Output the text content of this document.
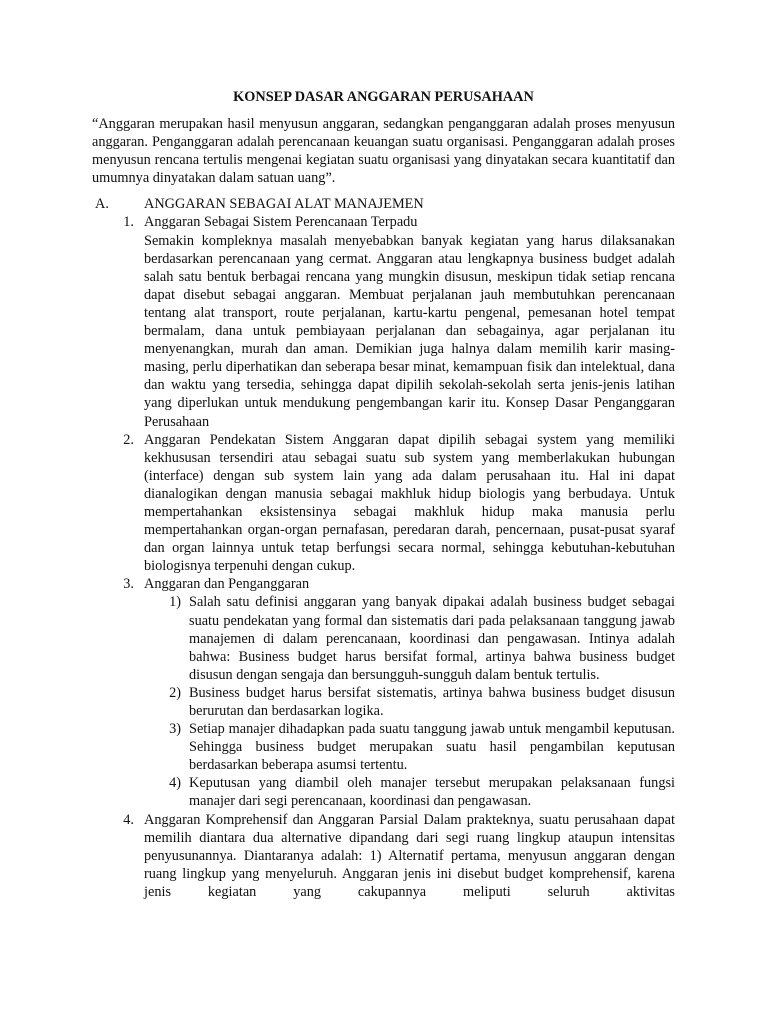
KONSEP DASAR ANGGARAN PERUSAHAAN
“Anggaran merupakan hasil menyusun anggaran, sedangkan penganggaran adalah proses menyusun anggaran. Penganggaran adalah perencanaan keuangan suatu organisasi. Penganggaran adalah proses menyusun rencana tertulis mengenai kegiatan suatu organisasi yang dinyatakan secara kuantitatif dan umumnya dinyatakan dalam satuan uang”.
A.	ANGGARAN SEBAGAI ALAT MANAJEMEN
1. Anggaran Sebagai Sistem Perencanaan Terpadu
Semakin kompleknya masalah menyebabkan banyak kegiatan yang harus dilaksanakan berdasarkan perencanaan yang cermat. Anggaran atau lengkapnya business budget adalah salah satu bentuk berbagai rencana yang mungkin disusun, meskipun tidak setiap rencana dapat disebut sebagai anggaran. Membuat perjalanan jauh membutuhkan perencanaan tentang alat transport, route perjalanan, kartu-kartu pengenal, pemesanan hotel tempat bermalam, dana untuk pembiayaan perjalanan dan sebagainya, agar perjalanan itu menyenangkan, murah dan aman. Demikian juga halnya dalam memilih karir masing-masing, perlu diperhatikan dan seberapa besar minat, kemampuan fisik dan intelektual, dana dan waktu yang tersedia, sehingga dapat dipilih sekolah-sekolah serta jenis-jenis latihan yang diperlukan untuk mendukung pengembangan karir itu. Konsep Dasar Penganggaran Perusahaan
2. Anggaran Pendekatan Sistem Anggaran dapat dipilih sebagai system yang memiliki kekhususan tersendiri atau sebagai suatu sub system yang memberlakukan hubungan (interface) dengan sub system lain yang ada dalam perusahaan itu. Hal ini dapat dianalogikan dengan manusia sebagai makhluk hidup biologis yang berbudaya. Untuk mempertahankan eksistensinya sebagai makhluk hidup maka manusia perlu mempertahankan organ-organ pernafasan, peredaran darah, pencernaan, pusat-pusat syaraf dan organ lainnya untuk tetap berfungsi secara normal, sehingga kebutuhan-kebutuhan biologisnya terpenuhi dengan cukup.
3. Anggaran dan Penganggaran
1) Salah satu definisi anggaran yang banyak dipakai adalah business budget sebagai suatu pendekatan yang formal dan sistematis dari pada pelaksanaan tanggung jawab manajemen di dalam perencanaan, koordinasi dan pengawasan. Intinya adalah bahwa: Business budget harus bersifat formal, artinya bahwa business budget disusun dengan sengaja dan bersungguh-sungguh dalam bentuk tertulis.
2) Business budget harus bersifat sistematis, artinya bahwa business budget disusun berurutan dan berdasarkan logika.
3) Setiap manajer dihadapkan pada suatu tanggung jawab untuk mengambil keputusan. Sehingga business budget merupakan suatu hasil pengambilan keputusan berdasarkan beberapa asumsi tertentu.
4) Keputusan yang diambil oleh manajer tersebut merupakan pelaksanaan fungsi manajer dari segi perencanaan, koordinasi dan pengawasan.
4. Anggaran Komprehensif dan Anggaran Parsial Dalam prakteknya, suatu perusahaan dapat memilih diantara dua alternative dipandang dari segi ruang lingkup ataupun intensitas penyusunannya. Diantaranya adalah: 1) Alternatif pertama, menyusun anggaran dengan ruang lingkup yang menyeluruh. Anggaran jenis ini disebut budget komprehensif, karena jenis kegiatan yang cakupannya meliputi seluruh aktivitas
